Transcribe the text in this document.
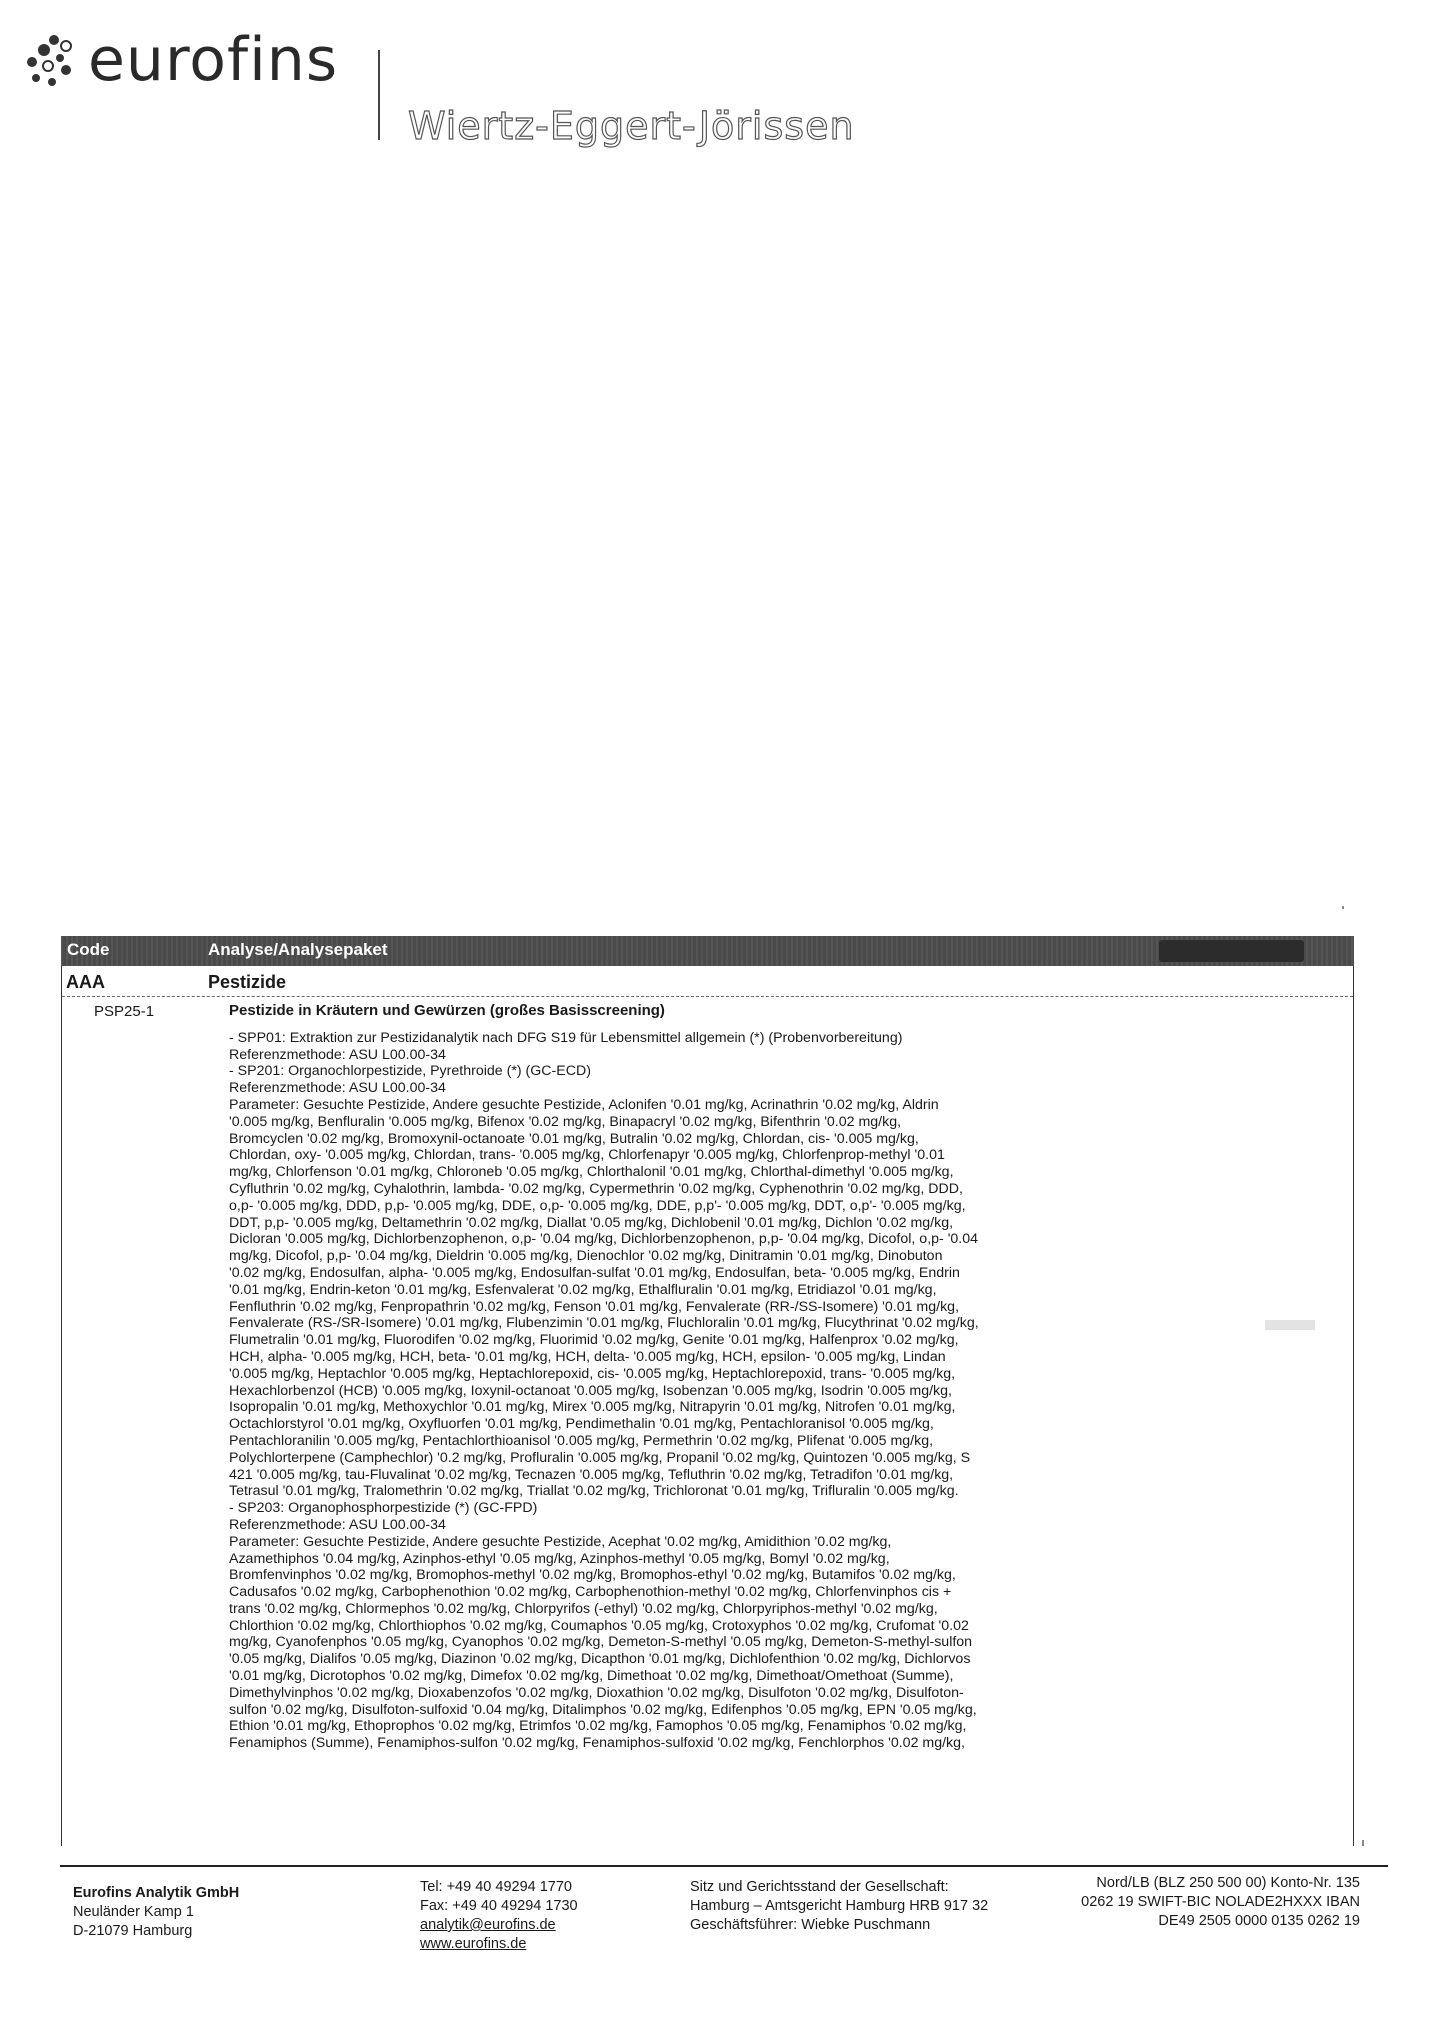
eurofins
Wiertz-Eggert-Jörissen
Code	Analyse/Analysepaket
AAA	Pestizide
PSP25-1	Pestizide in Kräutern und Gewürzen (großes Basisscreening)

- SPP01: Extraktion zur Pestizidanalytik nach DFG S19 für Lebensmittel allgemein (*) (Probenvorbereitung)

Referenzmethode: ASU L00.00-34

- SP201: Organochlorpestizide, Pyrethroide (*) (GC-ECD)

Referenzmethode: ASU L00.00-34

Parameter: Gesuchte Pestizide, Andere gesuchte Pestizide, Aclonifen '0.01 mg/kg, Acrinathrin '0.02 mg/kg, Aldrin

'0.005 mg/kg, Benfluralin '0.005 mg/kg, Bifenox '0.02 mg/kg, Binapacryl '0.02 mg/kg, Bifenthrin '0.02 mg/kg,

Bromcyclen '0.02 mg/kg, Bromoxynil-octanoate '0.01 mg/kg, Butralin '0.02 mg/kg, Chlordan, cis- '0.005 mg/kg,

Chlordan, oxy- '0.005 mg/kg, Chlordan, trans- '0.005 mg/kg, Chlorfenapyr '0.005 mg/kg, Chlorfenprop-methyl '0.01

mg/kg, Chlorfenson '0.01 mg/kg, Chloroneb '0.05 mg/kg, Chlorthalonil '0.01 mg/kg, Chlorthal-dimethyl '0.005 mg/kg,

Cyfluthrin '0.02 mg/kg, Cyhalothrin, lambda- '0.02 mg/kg, Cypermethrin '0.02 mg/kg, Cyphenothrin '0.02 mg/kg, DDD,

o,p- '0.005 mg/kg, DDD, p,p- '0.005 mg/kg, DDE, o,p- '0.005 mg/kg, DDE, p,p'- '0.005 mg/kg, DDT, o,p'- '0.005 mg/kg,

DDT, p,p- '0.005 mg/kg, Deltamethrin '0.02 mg/kg, Diallat '0.05 mg/kg, Dichlobenil '0.01 mg/kg, Dichlon '0.02 mg/kg,

Dicloran '0.005 mg/kg, Dichlorbenzophenon, o,p- '0.04 mg/kg, Dichlorbenzophenon, p,p- '0.04 mg/kg, Dicofol, o,p- '0.04

mg/kg, Dicofol, p,p- '0.04 mg/kg, Dieldrin '0.005 mg/kg, Dienochlor '0.02 mg/kg, Dinitramin '0.01 mg/kg, Dinobuton

'0.02 mg/kg, Endosulfan, alpha- '0.005 mg/kg, Endosulfan-sulfat '0.01 mg/kg, Endosulfan, beta- '0.005 mg/kg, Endrin

'0.01 mg/kg, Endrin-keton '0.01 mg/kg, Esfenvalerat '0.02 mg/kg, Ethalfluralin '0.01 mg/kg, Etridiazol '0.01 mg/kg,

Fenfluthrin '0.02 mg/kg, Fenpropathrin '0.02 mg/kg, Fenson '0.01 mg/kg, Fenvalerate (RR-/SS-Isomere) '0.01 mg/kg,

Fenvalerate (RS-/SR-Isomere) '0.01 mg/kg, Flubenzimin '0.01 mg/kg, Fluchloralin '0.01 mg/kg, Flucythrinat '0.02 mg/kg,

Flumetralin '0.01 mg/kg, Fluorodifen '0.02 mg/kg, Fluorimid '0.02 mg/kg, Genite '0.01 mg/kg, Halfenprox '0.02 mg/kg,

HCH, alpha- '0.005 mg/kg, HCH, beta- '0.01 mg/kg, HCH, delta- '0.005 mg/kg, HCH, epsilon- '0.005 mg/kg, Lindan

'0.005 mg/kg, Heptachlor '0.005 mg/kg, Heptachlorepoxid, cis- '0.005 mg/kg, Heptachlorepoxid, trans- '0.005 mg/kg,

Hexachlorbenzol (HCB) '0.005 mg/kg, Ioxynil-octanoat '0.005 mg/kg, Isobenzan '0.005 mg/kg, Isodrin '0.005 mg/kg,

Isopropalin '0.01 mg/kg, Methoxychlor '0.01 mg/kg, Mirex '0.005 mg/kg, Nitrapyrin '0.01 mg/kg, Nitrofen '0.01 mg/kg,

Octachlorstyrol '0.01 mg/kg, Oxyfluorfen '0.01 mg/kg, Pendimethalin '0.01 mg/kg, Pentachloranisol '0.005 mg/kg,

Pentachloranilin '0.005 mg/kg, Pentachlorthioanisol '0.005 mg/kg, Permethrin '0.02 mg/kg, Plifenat '0.005 mg/kg,

Polychlorterpene (Camphechlor) '0.2 mg/kg, Profluralin '0.005 mg/kg, Propanil '0.02 mg/kg, Quintozen '0.005 mg/kg, S

421 '0.005 mg/kg, tau-Fluvalinat '0.02 mg/kg, Tecnazen '0.005 mg/kg, Tefluthrin '0.02 mg/kg, Tetradifon '0.01 mg/kg,

Tetrasul '0.01 mg/kg, Tralomethrin '0.02 mg/kg, Triallat '0.02 mg/kg, Trichloronat '0.01 mg/kg, Trifluralin '0.005 mg/kg.

- SP203: Organophosphorpestizide (*) (GC-FPD)

Referenzmethode: ASU L00.00-34

Parameter: Gesuchte Pestizide, Andere gesuchte Pestizide, Acephat '0.02 mg/kg, Amidithion '0.02 mg/kg,

Azamethiphos '0.04 mg/kg, Azinphos-ethyl '0.05 mg/kg, Azinphos-methyl '0.05 mg/kg, Bomyl '0.02 mg/kg,

Bromfenvinphos '0.02 mg/kg, Bromophos-methyl '0.02 mg/kg, Bromophos-ethyl '0.02 mg/kg, Butamifos '0.02 mg/kg,

Cadusafos '0.02 mg/kg, Carbophenothion '0.02 mg/kg, Carbophenothion-methyl '0.02 mg/kg, Chlorfenvinphos cis +

trans '0.02 mg/kg, Chlormephos '0.02 mg/kg, Chlorpyrifos (-ethyl) '0.02 mg/kg, Chlorpyriphos-methyl '0.02 mg/kg,

Chlorthion '0.02 mg/kg, Chlorthiophos '0.02 mg/kg, Coumaphos '0.05 mg/kg, Crotoxyphos '0.02 mg/kg, Crufomat '0.02

mg/kg, Cyanofenphos '0.05 mg/kg, Cyanophos '0.02 mg/kg, Demeton-S-methyl '0.05 mg/kg, Demeton-S-methyl-sulfon

'0.05 mg/kg, Dialifos '0.05 mg/kg, Diazinon '0.02 mg/kg, Dicapthon '0.01 mg/kg, Dichlofenthion '0.02 mg/kg, Dichlorvos

'0.01 mg/kg, Dicrotophos '0.02 mg/kg, Dimefox '0.02 mg/kg, Dimethoat '0.02 mg/kg, Dimethoat/Omethoat (Summe),

Dimethylvinphos '0.02 mg/kg, Dioxabenzofos '0.02 mg/kg, Dioxathion '0.02 mg/kg, Disulfoton '0.02 mg/kg, Disulfoton-

sulfon '0.02 mg/kg, Disulfoton-sulfoxid '0.04 mg/kg, Ditalimphos '0.02 mg/kg, Edifenphos '0.05 mg/kg, EPN '0.05 mg/kg,

Ethion '0.01 mg/kg, Ethoprophos '0.02 mg/kg, Etrimfos '0.02 mg/kg, Famophos '0.05 mg/kg, Fenamiphos '0.02 mg/kg,

Fenamiphos (Summe), Fenamiphos-sulfon '0.02 mg/kg, Fenamiphos-sulfoxid '0.02 mg/kg, Fenchlorphos '0.02 mg/kg,

Eurofins Analytik GmbH
Neuländer Kamp 1
D-21079 Hamburg
Tel: +49 40 49294 1770
Fax: +49 40 49294 1730
analytik@eurofins.de
www.eurofins.de
Sitz und Gerichtsstand der Gesellschaft:
Hamburg – Amtsgericht Hamburg HRB 917 32
Geschäftsführer: Wiebke Puschmann
Nord/LB (BLZ 250 500 00) Konto-Nr. 135
0262 19 SWIFT-BIC NOLADE2HXXX IBAN
DE49 2505 0000 0135 0262 19
